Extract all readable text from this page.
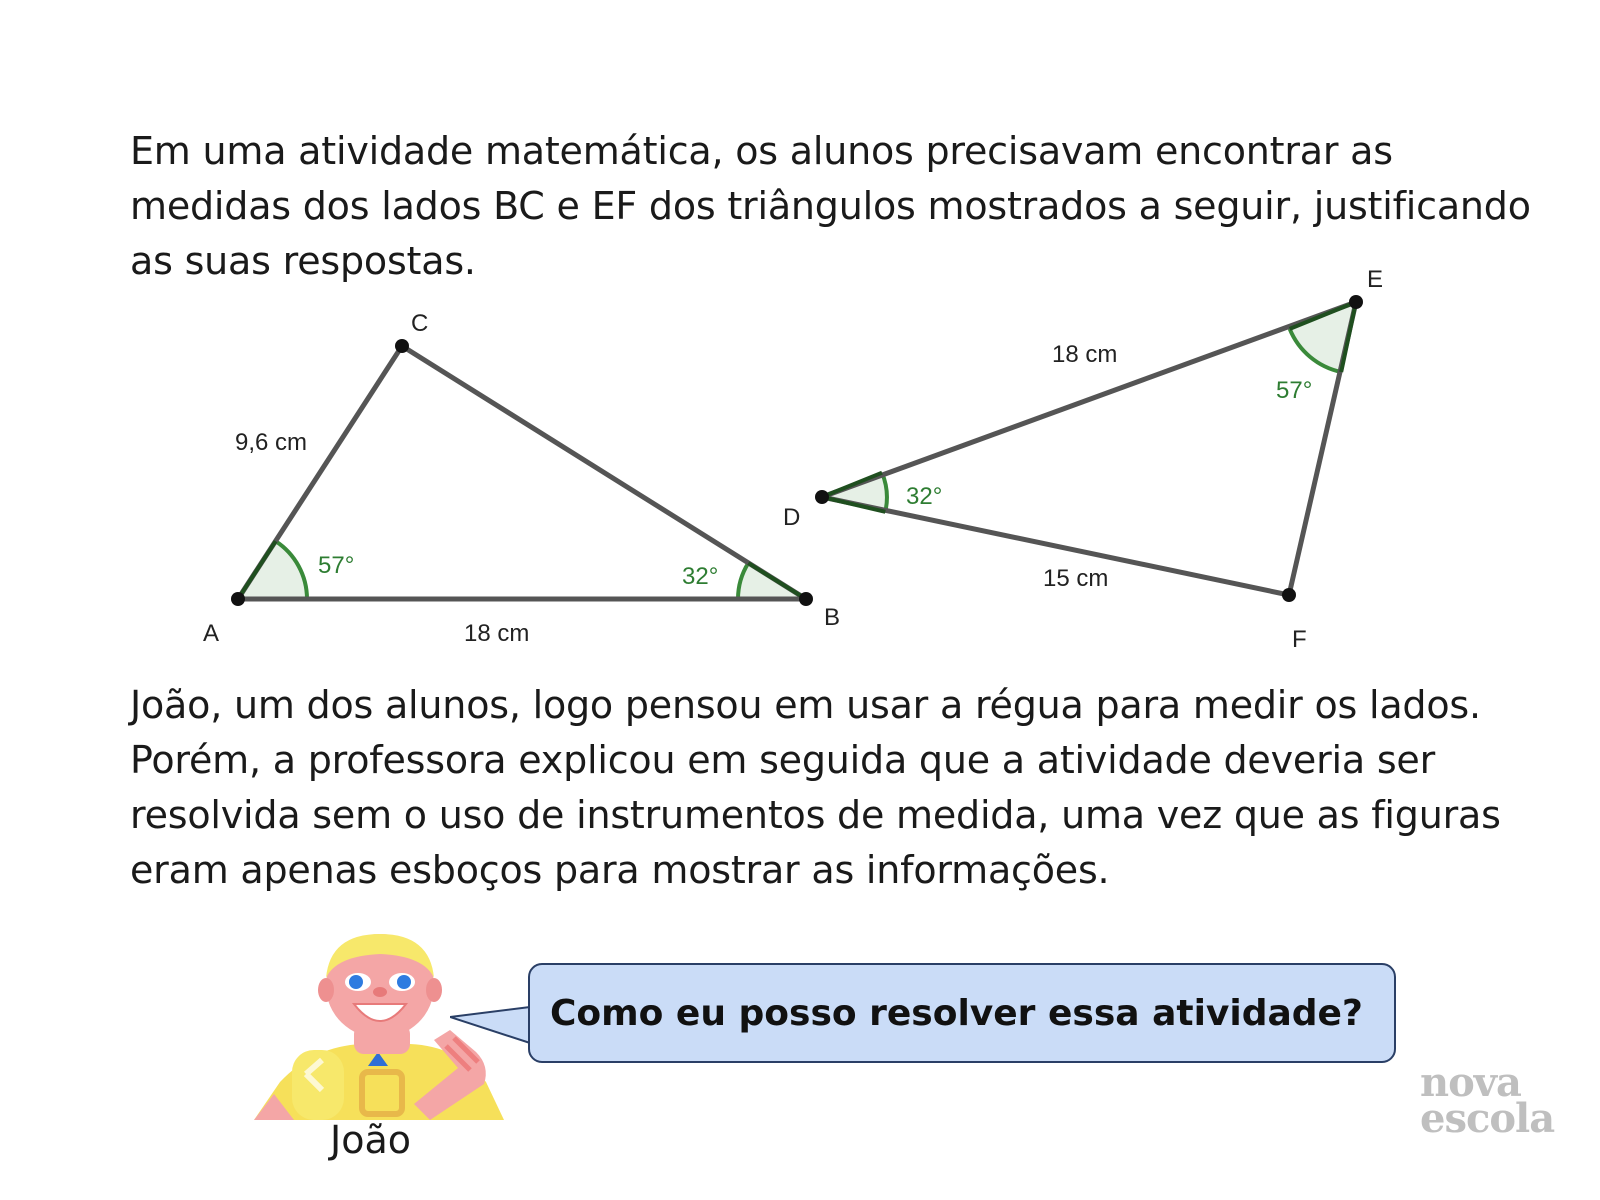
Em uma atividade matemática, os alunos precisavam encontrar as medidas dos lados BC e EF dos triângulos mostrados a seguir, justificando as suas respostas.

A
B
C
9,6 cm
18 cm
57°	32°
D
E
F
18 cm
15 cm
32°
57°

João, um dos alunos, logo pensou em usar a régua para medir os lados. Porém, a professora explicou em seguida que a atividade deveria ser resolvida sem o uso de instrumentos de medida, uma vez que as figuras eram apenas esboços para mostrar as informações.

João
Como eu posso resolver essa atividade?
nova
escola
